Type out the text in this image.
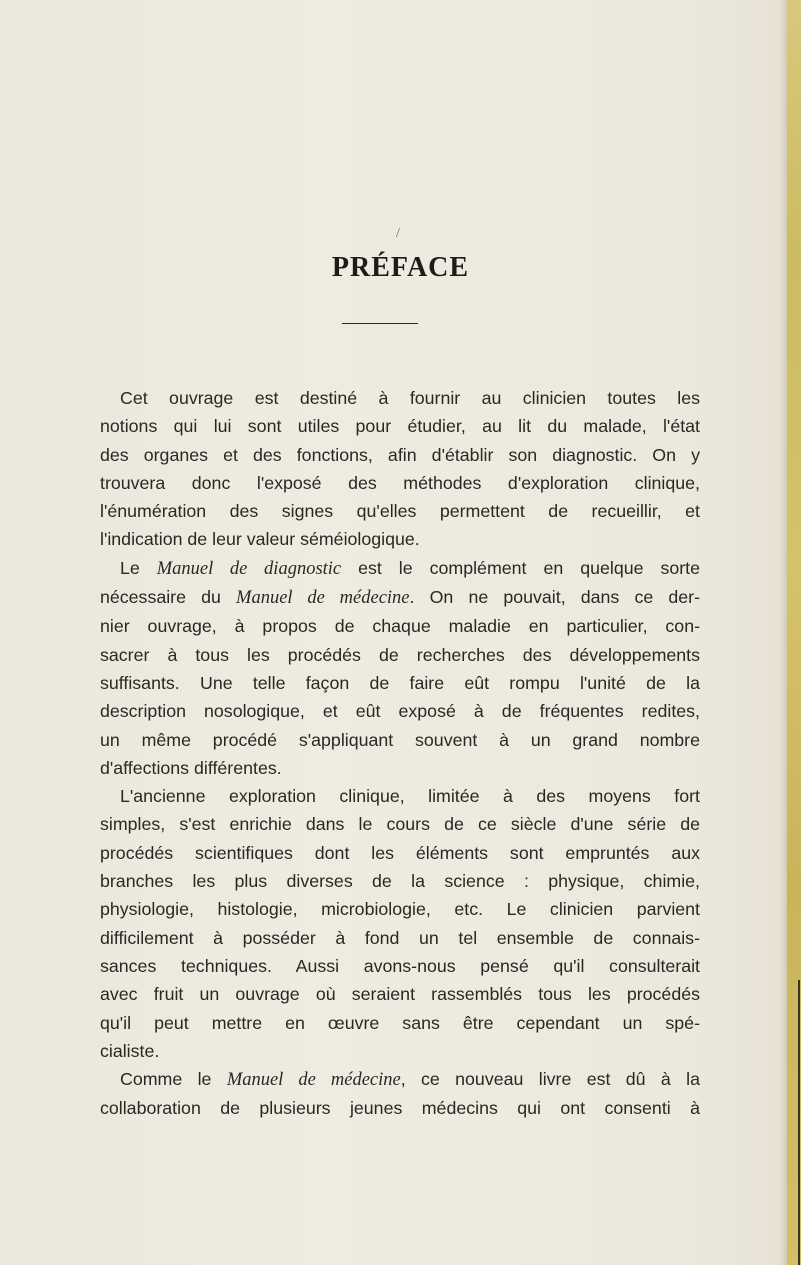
/
PRÉFACE
Cet ouvrage est destiné à fournir au clinicien toutes les
notions qui lui sont utiles pour étudier, au lit du malade, l'état
des organes et des fonctions, afin d'établir son diagnostic. On y
trouvera donc l'exposé des méthodes d'exploration clinique,
l'énumération des signes qu'elles permettent de recueillir, et
l'indication de leur valeur séméiologique.
Le Manuel de diagnostic est le complément en quelque sorte
nécessaire du Manuel de médecine. On ne pouvait, dans ce der-
nier ouvrage, à propos de chaque maladie en particulier, con-
sacrer à tous les procédés de recherches des développements
suffisants. Une telle façon de faire eût rompu l'unité de la
description nosologique, et eût exposé à de fréquentes redites,
un même procédé s'appliquant souvent à un grand nombre
d'affections différentes.
L'ancienne exploration clinique, limitée à des moyens fort
simples, s'est enrichie dans le cours de ce siècle d'une série de
procédés scientifiques dont les éléments sont empruntés aux
branches les plus diverses de la science : physique, chimie,
physiologie, histologie, microbiologie, etc. Le clinicien parvient
difficilement à posséder à fond un tel ensemble de connais-
sances techniques. Aussi avons-nous pensé qu'il consulterait
avec fruit un ouvrage où seraient rassemblés tous les procédés
qu'il peut mettre en œuvre sans être cependant un spé-
cialiste.
Comme le Manuel de médecine, ce nouveau livre est dû à la
collaboration de plusieurs jeunes médecins qui ont consenti à
